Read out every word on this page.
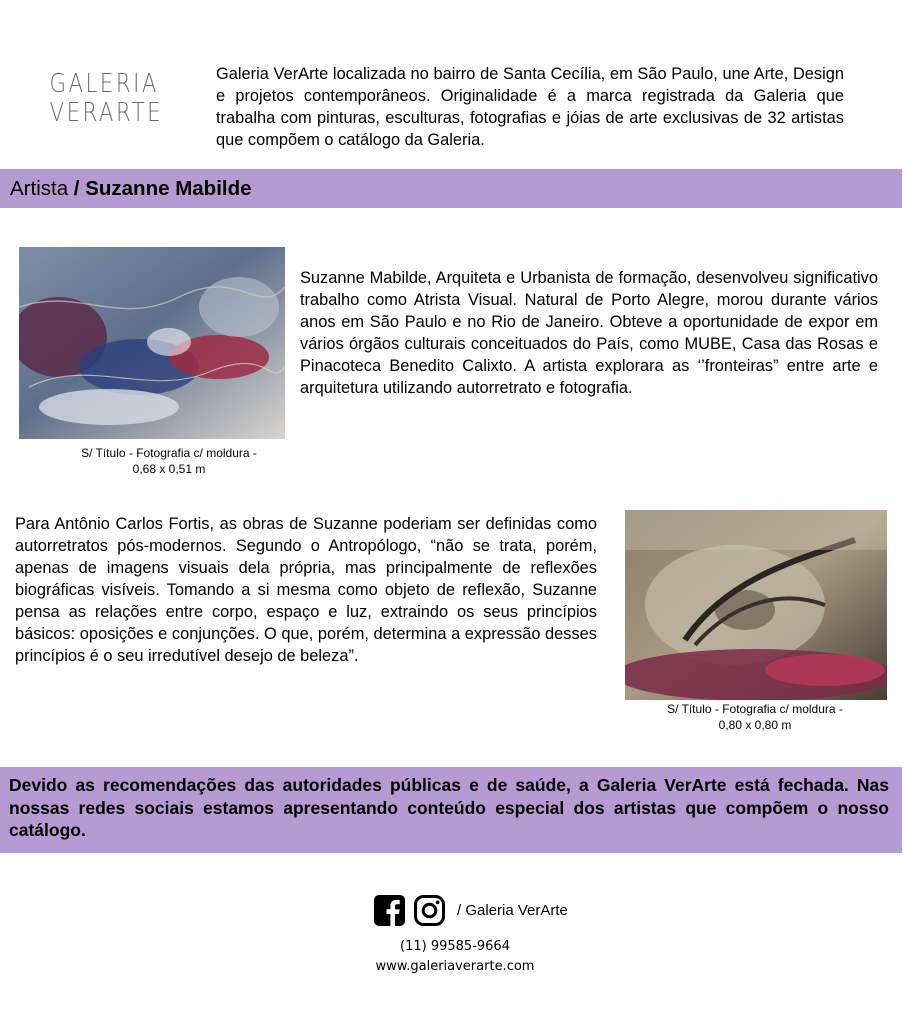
GALERIA
VERARTE
Galeria VerArte localizada no bairro de Santa Cecília, em São Paulo, une Arte, Design e projetos contemporâneos. Originalidade é a marca registrada da Galeria que trabalha com pinturas, esculturas, fotografias e jóias de arte exclusivas de 32 artistas que compõem o catálogo da Galeria.
Artista / Suzanne Mabilde
S/ Título - Fotografia c/ moldura -
0,68 x 0,51 m
Suzanne Mabilde, Arquiteta e Urbanista de formação, desenvolveu significativo trabalho como Atrista Visual. Natural de Porto Alegre, morou durante vários anos em São Paulo e no Rio de Janeiro. Obteve a oportunidade de expor em vários órgãos culturais conceituados do País, como MUBE, Casa das Rosas e Pinacoteca Benedito Calixto. A artista explorara as ‘’fronteiras” entre arte e arquitetura utilizando autorretrato e fotografia.
Para Antônio Carlos Fortis, as obras de Suzanne poderiam ser definidas como autorretratos pós-modernos. Segundo o Antropólogo, “não se trata, porém, apenas de imagens visuais dela própria, mas principalmente de reflexões biográficas visíveis. Tomando a si mesma como objeto de reflexão, Suzanne pensa as relações entre corpo, espaço e luz, extraindo os seus princípios básicos: oposições e conjunções. O que, porém, determina a expressão desses princípios é o seu irredutível desejo de beleza”.
S/ Título - Fotografia c/ moldura -
0,80 x 0,80 m
Devido as recomendações das autoridades públicas e de saúde, a Galeria VerArte está fechada. Nas nossas redes sociais estamos apresentando conteúdo especial dos artistas que compõem o nosso catálogo.
/ Galeria VerArte
(11) 99585-9664
www.galeriaverarte.com
